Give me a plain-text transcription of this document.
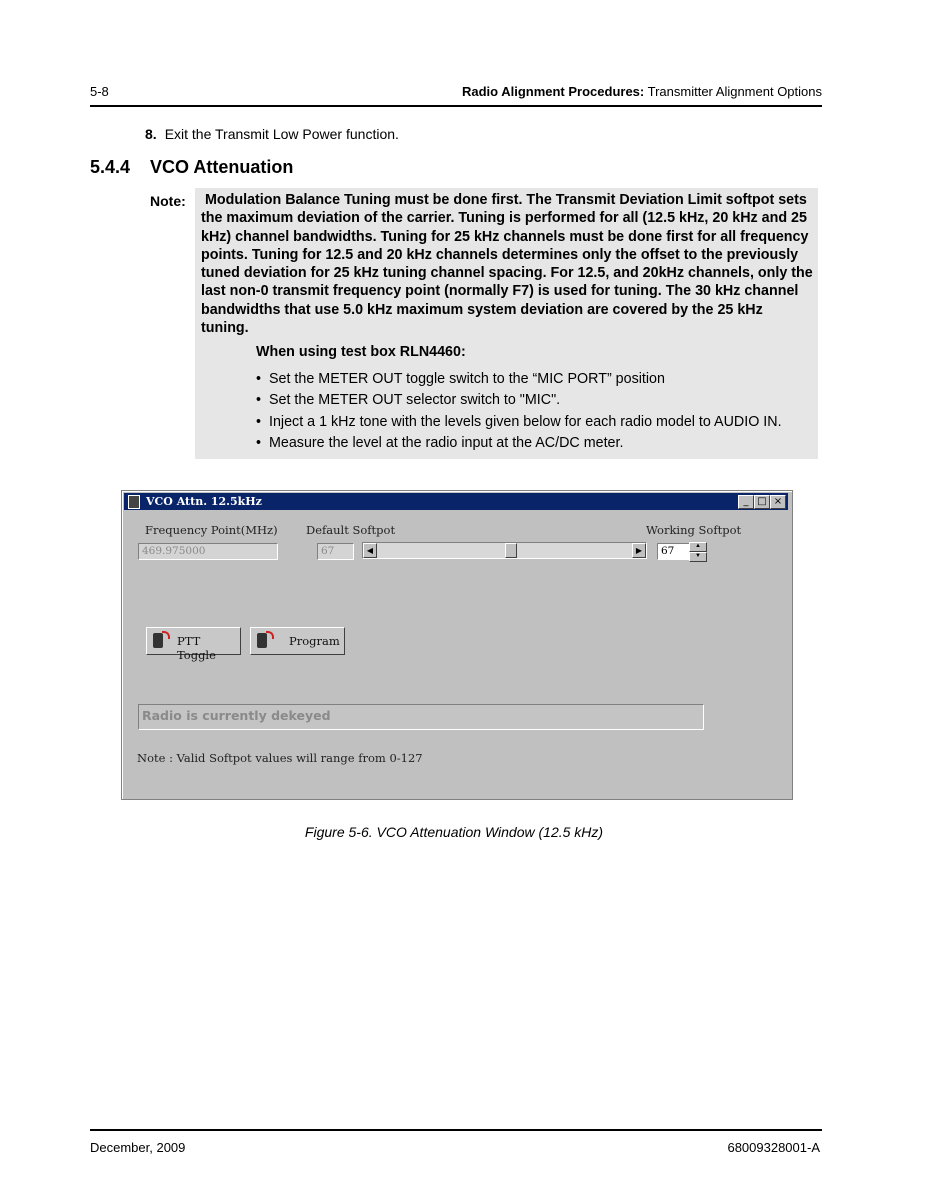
5-8	Radio Alignment Procedures: Transmitter Alignment Options
8. Exit the Transmit Low Power function.
5.4.4 VCO Attenuation
Note: Modulation Balance Tuning must be done first. The Transmit Deviation Limit softpot sets the maximum deviation of the carrier. Tuning is performed for all (12.5 kHz, 20 kHz and 25 kHz) channel bandwidths. Tuning for 25 kHz channels must be done first for all frequency points. Tuning for 12.5 and 20 kHz channels determines only the offset to the previously tuned deviation for 25 kHz tuning channel spacing. For 12.5, and 20kHz channels, only the last non-0 transmit frequency point (normally F7) is used for tuning. The 30 kHz channel bandwidths that use 5.0 kHz maximum system deviation are covered by the 25 kHz tuning.
When using test box RLN4460:
• Set the METER OUT toggle switch to the “MIC PORT” position
• Set the METER OUT selector switch to "MIC".
• Inject a 1 kHz tone with the levels given below for each radio model to AUDIO IN.
• Measure the level at the radio input at the AC/DC meter.
VCO Attn. 12.5kHz	_ □ ×
Frequency Point(MHz)
469.975000
Default Softpot
67	◀	▶
Working Softpot
67	▲
▼
PTT Toggle
Program
Radio is currently dekeyed
Note : Valid Softpot values will range from 0-127
Figure 5-6. VCO Attenuation Window (12.5 kHz)
December, 2009	68009328001-A
